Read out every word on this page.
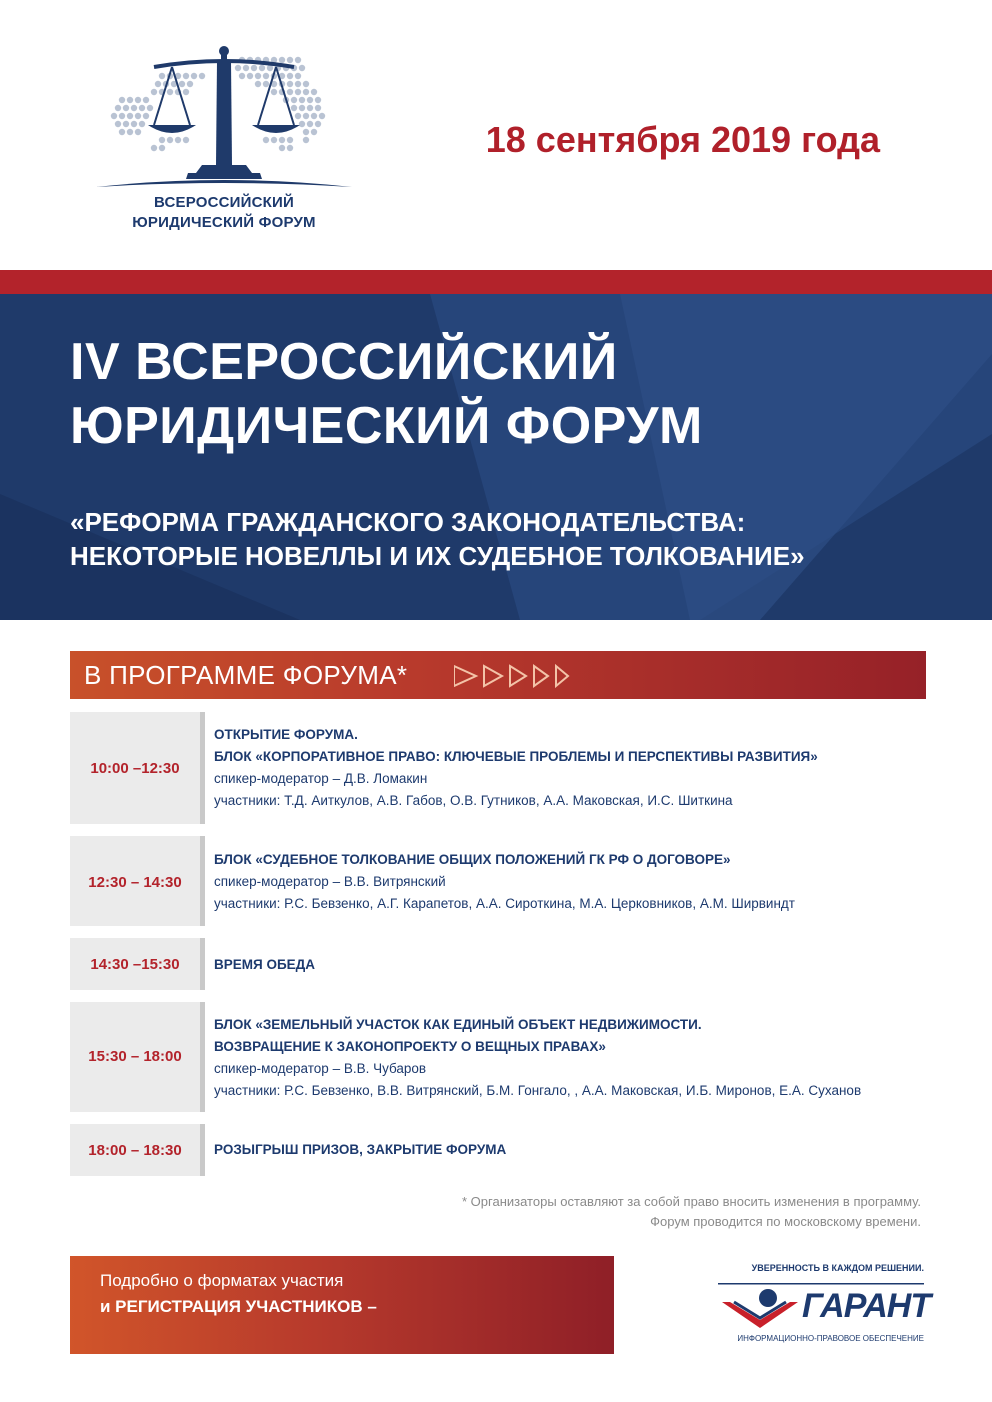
ВСЕРОССИЙСКИЙ
ЮРИДИЧЕСКИЙ ФОРУМ
18 сентября 2019 года
IV ВСЕРОССИЙСКИЙ
ЮРИДИЧЕСКИЙ ФОРУМ
«РЕФОРМА ГРАЖДАНСКОГО ЗАКОНОДАТЕЛЬСТВА:
НЕКОТОРЫЕ НОВЕЛЛЫ И ИХ СУДЕБНОЕ ТОЛКОВАНИЕ»
В ПРОГРАММЕ ФОРУМА*
10:00 –12:30
ОТКРЫТИЕ ФОРУМА.
БЛОК «КОРПОРАТИВНОЕ ПРАВО: КЛЮЧЕВЫЕ ПРОБЛЕМЫ И ПЕРСПЕКТИВЫ РАЗВИТИЯ»
спикер-модератор – Д.В. Ломакин
участники: Т.Д. Аиткулов, А.В. Габов, О.В. Гутников, А.А. Маковская, И.С. Шиткина
12:30 – 14:30
БЛОК «СУДЕБНОЕ ТОЛКОВАНИЕ ОБЩИХ ПОЛОЖЕНИЙ ГК РФ О ДОГОВОРЕ»
спикер-модератор – В.В. Витрянский
участники: Р.С. Бевзенко, А.Г. Карапетов, А.А. Сироткина, М.А. Церковников, А.М. Ширвиндт
14:30 –15:30	ВРЕМЯ ОБЕДА
15:30 – 18:00
БЛОК «ЗЕМЕЛЬНЫЙ УЧАСТОК КАК ЕДИНЫЙ ОБЪЕКТ НЕДВИЖИМОСТИ.
ВОЗВРАЩЕНИЕ К ЗАКОНОПРОЕКТУ О ВЕЩНЫХ ПРАВАХ»
спикер-модератор – В.В. Чубаров
участники: Р.С. Бевзенко, В.В. Витрянский, Б.М. Гонгало, , А.А. Маковская, И.Б. Миронов, Е.А. Суханов
18:00 – 18:30	РОЗЫГРЫШ ПРИЗОВ, ЗАКРЫТИЕ ФОРУМА
* Организаторы оставляют за собой право вносить изменения в программу.
Форум проводится по московскому времени.
Подробно о форматах участия
и РЕГИСТРАЦИЯ УЧАСТНИКОВ –
УВЕРЕННОСТЬ В КАЖДОМ РЕШЕНИИ.
ГАРАНТ
ИНФОРМАЦИОННО-ПРАВОВОЕ ОБЕСПЕЧЕНИЕ
